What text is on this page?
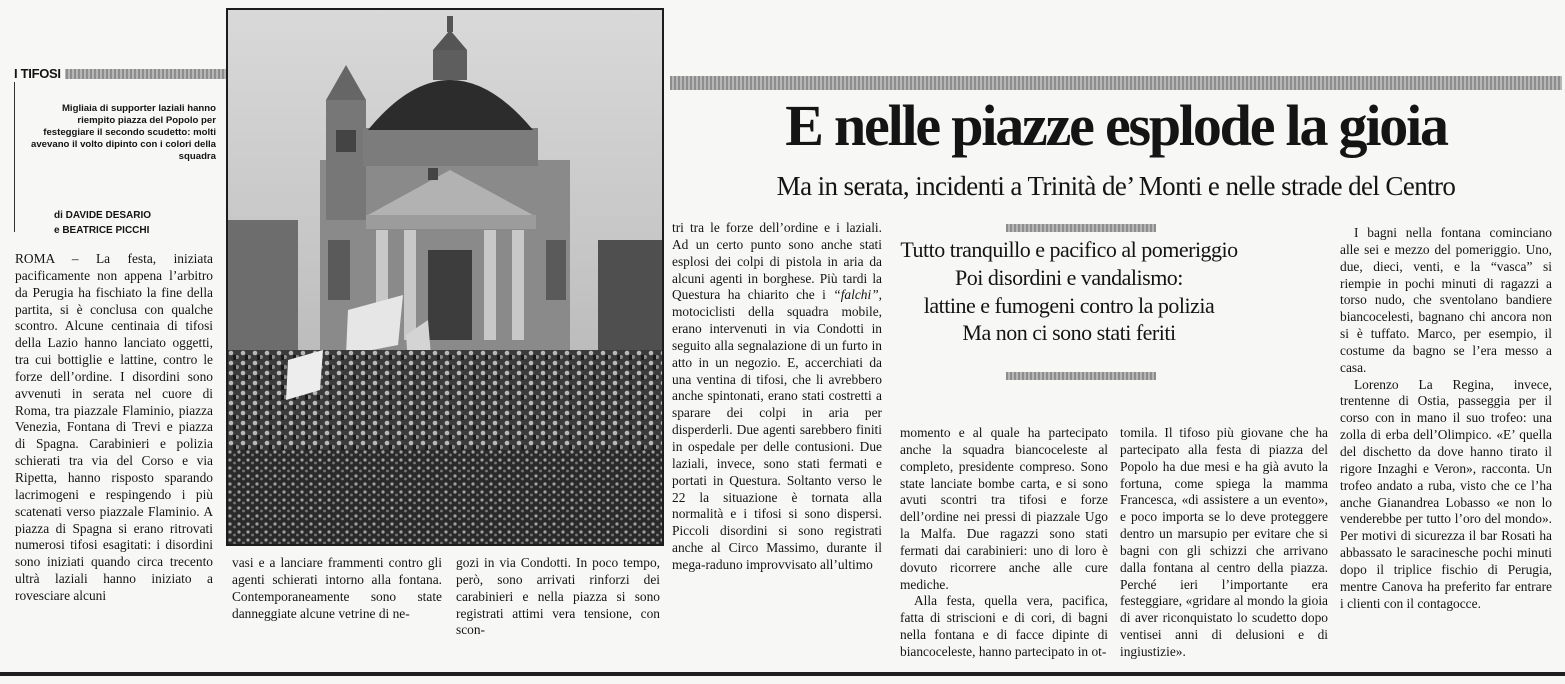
I TIFOSI
Migliaia di supporter laziali hanno riempito piazza del Popolo per festeggiare il secondo scudetto: molti avevano il volto dipinto con i colori della squadra
di DAVIDE DESARIO
e BEATRICE PICCHI
E nelle piazze esplode la gioia
Ma in serata, incidenti a Trinità de’ Monti e nelle strade del Centro
Tutto tranquillo e pacifico al pomeriggio
Poi disordini e vandalismo:
lattine e fumogeni contro la polizia
Ma non ci sono stati feriti

ROMA – La festa, iniziata pacificamente non appena l’arbitro da Perugia ha fischiato la fine della partita, si è conclusa con qualche scontro. Alcune centinaia di tifosi della Lazio hanno lanciato oggetti, tra cui bottiglie e lattine, contro le forze dell’ordine. I disordini sono avvenuti in serata nel cuore di Roma, tra piazzale Flaminio, piazza Venezia, Fontana di Trevi e piazza di Spagna. Carabinieri e polizia schierati tra via del Corso e via Ripetta, hanno risposto sparando lacrimogeni e respingendo i più scatenati verso piazzale Flaminio. A piazza di Spagna si erano ritrovati numerosi tifosi esagitati: i disordini sono iniziati quando circa trecento ultrà laziali hanno iniziato a rovesciare alcuni

vasi e a lanciare frammenti contro gli agenti schierati intorno alla fontana. Contemporaneamente sono state danneggiate alcune vetrine di ne-

gozi in via Condotti. In poco tempo, però, sono arrivati rinforzi dei carabinieri e nella piazza si sono registrati attimi vera tensione, con scon-

tri tra le forze dell’ordine e i laziali. Ad un certo punto sono anche stati esplosi dei colpi di pistola in aria da alcuni agenti in borghese. Più tardi la Questura ha chiarito che i “falchi”, motociclisti della squadra mobile, erano intervenuti in via Condotti in seguito alla segnalazione di un furto in atto in un negozio. E, accerchiati da una ventina di tifosi, che li avrebbero anche spintonati, erano stati costretti a sparare dei colpi in aria per disperderli. Due agenti sarebbero finiti in ospedale per delle contusioni. Due laziali, invece, sono stati fermati e portati in Questura. Soltanto verso le 22 la situazione è tornata alla normalità e i tifosi si sono dispersi. Piccoli disordini si sono registrati anche al Circo Massimo, durante il mega-raduno improvvisato all’ultimo

momento e al quale ha partecipato anche la squadra biancoceleste al completo, presidente compreso. Sono state lanciate bombe carta, e si sono avuti scontri tra tifosi e forze dell’ordine nei pressi di piazzale Ugo la Malfa. Due ragazzi sono stati fermati dai carabinieri: uno di loro è dovuto ricorrere anche alle cure mediche.

Alla festa, quella vera, pacifica, fatta di striscioni e di cori, di bagni nella fontana e di facce dipinte di biancoceleste, hanno partecipato in ot-

tomila. Il tifoso più giovane che ha partecipato alla festa di piazza del Popolo ha due mesi e ha già avuto la fortuna, come spiega la mamma Francesca, «di assistere a un evento», e poco importa se lo deve proteggere dentro un marsupio per evitare che si bagni con gli schizzi che arrivano dalla fontana al centro della piazza. Perché ieri l’importante era festeggiare, «gridare al mondo la gioia di aver riconquistato lo scudetto dopo ventisei anni di delusioni e di ingiustizie».

I bagni nella fontana cominciano alle sei e mezzo del pomeriggio. Uno, due, dieci, venti, e la “vasca” si riempie in pochi minuti di ragazzi a torso nudo, che sventolano bandiere biancocelesti, bagnano chi ancora non si è tuffato. Marco, per esempio, il costume da bagno se l’era messo a casa.

Lorenzo La Regina, invece, trentenne di Ostia, passeggia per il corso con in mano il suo trofeo: una zolla di erba dell’Olimpico. «E’ quella del dischetto da dove hanno tirato il rigore Inzaghi e Veron», racconta. Un trofeo andato a ruba, visto che ce l’ha anche Gianandrea Lobasso «e non lo venderebbe per tutto l’oro del mondo». Per motivi di sicurezza il bar Rosati ha abbassato le saracinesche pochi minuti dopo il triplice fischio di Perugia, mentre Canova ha preferito far entrare i clienti con il contagocce.
